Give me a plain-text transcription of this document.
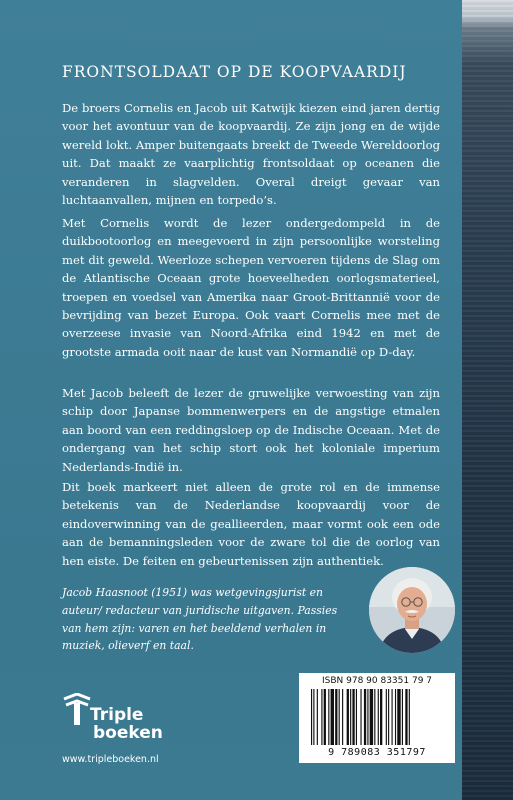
FRONTSOLDAAT OP DE KOOPVAARDIJ

De broers Cornelis en Jacob uit Katwijk kiezen eind jaren dertig voor het avontuur van de koopvaardij. Ze zijn jong en de wijde wereld lokt. Amper buitengaats breekt de Tweede Wereldoorlog uit. Dat maakt ze vaarplichtig frontsoldaat op oceanen die veranderen in slagvelden. Overal dreigt gevaar van luchtaanvallen, mijnen en torpedo’s.

Met Cornelis wordt de lezer ondergedompeld in de duikbootoorlog en meegevoerd in zijn persoonlijke worsteling met dit geweld. Weerloze schepen vervoeren tijdens de Slag om de Atlantische Oceaan grote hoeveelheden oorlogsmaterieel, troepen en voedsel van Amerika naar Groot-Brittannië voor de bevrijding van bezet Europa. Ook vaart Cornelis mee met de overzeese invasie van Noord-Afrika eind 1942 en met de grootste armada ooit naar de kust van Normandië op D-day.

Met Jacob beleeft de lezer de gruwelijke verwoesting van zijn schip door Japanse bommenwerpers en de angstige etmalen aan boord van een reddingsloep op de Indische Oceaan. Met de ondergang van het schip stort ook het koloniale imperium Nederlands-Indië in.

Dit boek markeert niet alleen de grote rol en de immense betekenis van de Nederlandse koopvaardij voor de eindoverwinning van de geallieerden, maar vormt ook een ode aan de bemanningsleden voor de zware tol die de oorlog van hen eiste. De feiten en gebeurtenissen zijn authentiek.

Jacob Haasnoot (1951) was wetgevingsjurist en auteur/ redacteur van juridische uitgaven. Passies van hem zijn: varen en het beeldend verhalen in muziek, olieverf en taal.

Triple
boeken
www.tripleboeken.nl
ISBN 978 90 83351 79 7
9 789083 351797
